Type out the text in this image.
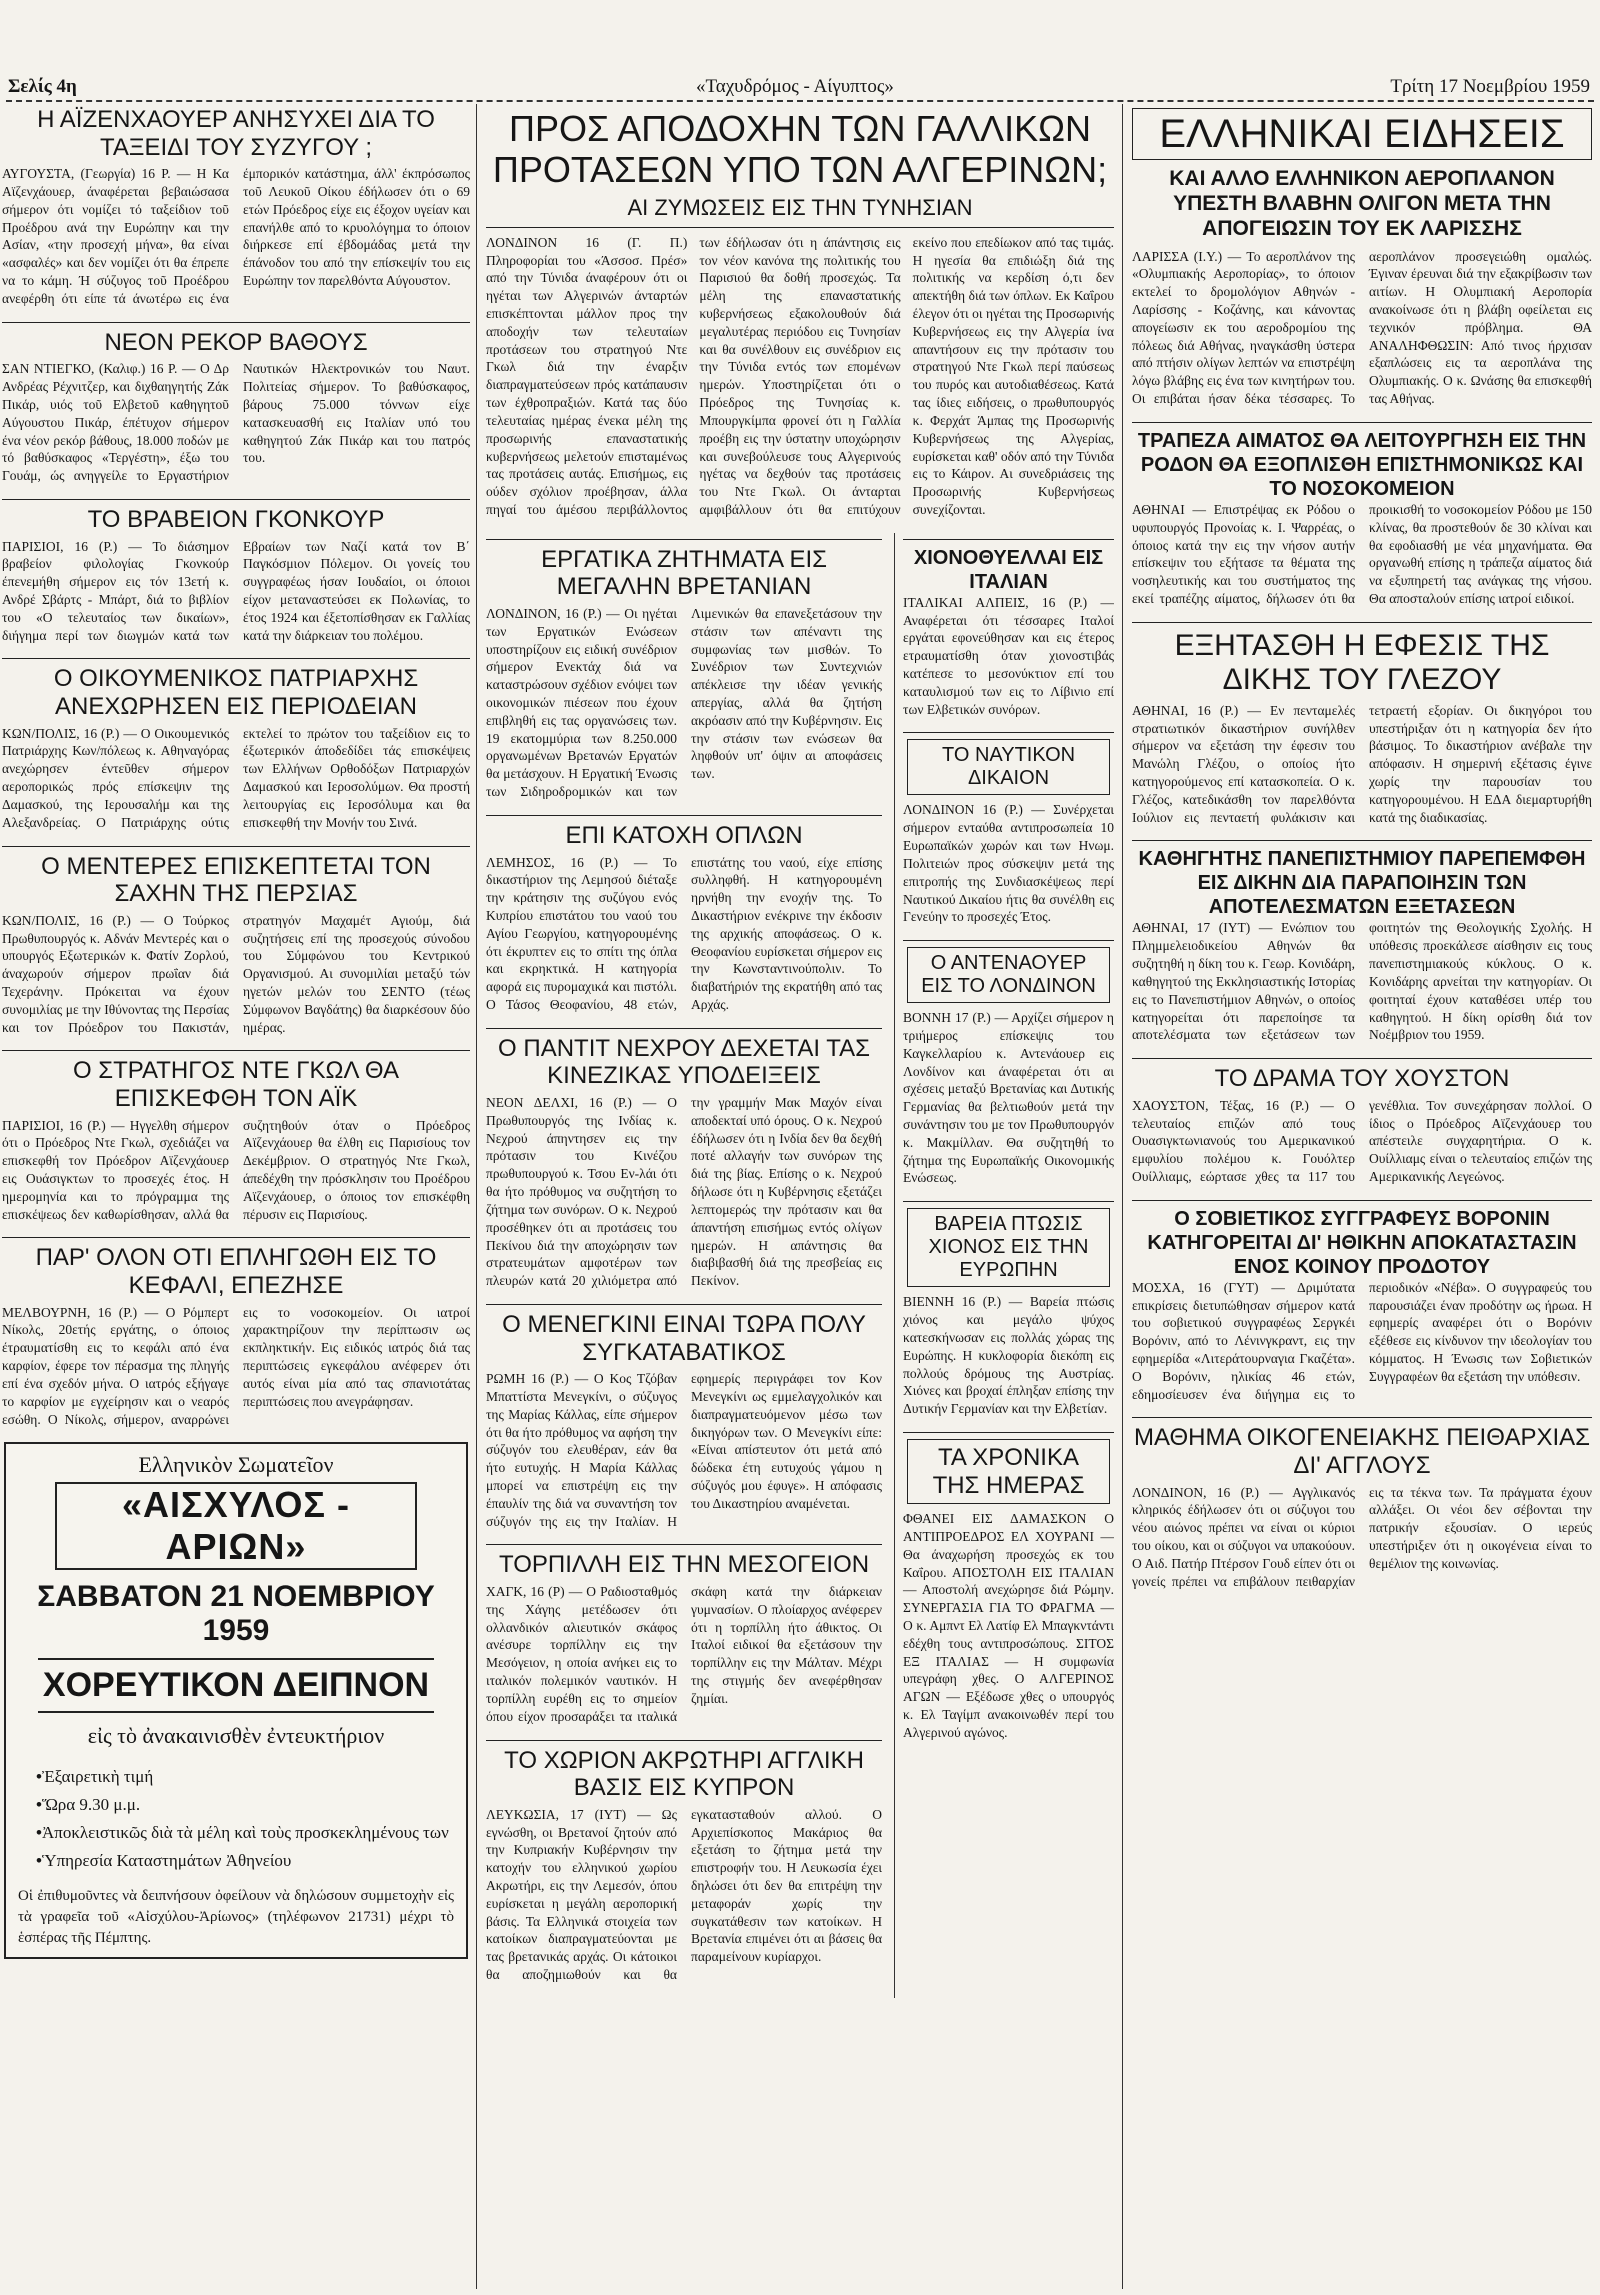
Σελίς 4η	«Ταχυδρόμος - Αίγυπτος»	Τρίτη 17 Νοεμβρίου 1959
Η ΑΪΖΕΝΧΑΟΥΕΡ ΑΝΗΣΥΧΕΙ ΔΙΑ ΤΟ ΤΑΞΕΙΔΙ ΤΟΥ ΣΥΖΥΓΟΥ ;
ΑΥΓΟΥΣΤΑ, (Γεωργία) 16 Ρ. — Η Κα Αϊζενχάουερ, άναφέρεται βεβαιώσασα σήμερον ότι νομίζει τό ταξείδιον τοῦ Προέδρου ανά την Ευρώπην και την Ασίαν, «την προσεχή μήνα», θα είναι «ασφαλές» και δεν νομίζει ότι θα έπρεπε να το κάμη. Ή σύζυγος τοῦ Προέδρου ανεφέρθη ότι είπε τά άνωτέρω εις ένα έμπορικόν κατάστημα, άλλ' έκπρόσωπος τοῦ Λευκοῦ Οίκου έδήλωσεν ότι ο 69 ετών Πρόεδρος είχε εις έξοχον υγείαν και επανήλθε από το κρυολόγημα το όποιον διήρκεσε επί έβδομάδας μετά την έπάνοδον του από την επίσκεψίν του εις Ευρώπην τον παρελθόντα Αύγουστον.
ΝΕΟΝ ΡΕΚΟΡ ΒΑΘΟΥΣ
ΣΑΝ ΝΤΙΕΓΚΟ, (Καλιφ.) 16 Ρ. — Ο Δρ Ανδρέας Ρέχνιτζερ, και διχθαηγητής Ζάκ Πικάρ, υιός τοῦ Ελβετοῦ καθηγητοῦ Αύγουστου Πικάρ, έπέτυχον σήμερον ένα νέον ρεκόρ βάθους, 18.000 ποδών με τό βαθύσκαφος «Τεργέστη», έξω του Γουάμ, ώς ανηγγείλε το Εργαστήριον Ναυτικών Ηλεκτρονικών του Ναυτ. Πολιτείας σήμερον. Το βαθύσκαφος, βάρους 75.000 τόννων είχε κατασκευασθή εις Ιταλίαν υπό του καθηγητού Ζάκ Πικάρ και του πατρός του.
ΤΟ ΒΡΑΒΕΙΟΝ ΓΚΟΝΚΟΥΡ
ΠΑΡΙΣΙΟΙ, 16 (Ρ.) — Το διάσημον βραβείον φιλολογίας Γκονκούρ έπενεμήθη σήμερον εις τόν 13ετή κ. Ανδρέ Σβάρτς - Μπάρτ, διά το βιβλίον του «Ο τελευταίος των δικαίων», διήγημα περί των διωγμών κατά των Εβραίων των Ναζί κατά τον Β΄ Παγκόσμιον Πόλεμον. Οι γονείς του συγγραφέως ήσαν Ιουδαίοι, οι όποιοι είχον μεταναστεύσει εκ Πολωνίας, το έτος 1924 και έξετοπίσθησαν εκ Γαλλίας κατά την διάρκειαν του πολέμου.
Ο ΟΙΚΟΥΜΕΝΙΚΟΣ ΠΑΤΡΙΑΡΧΗΣ ΑΝΕΧΩΡΗΣΕΝ ΕΙΣ ΠΕΡΙΟΔΕΙΑΝ
ΚΩΝ/ΠΟΛΙΣ, 16 (Ρ.) — Ο Οικουμενικός Πατριάρχης Κων/πόλεως κ. Αθηναγόρας ανεχώρησεν έντεῦθεν σήμερον αεροπορικώς πρός επίσκεψιν της Δαμασκού, της Ιερουσαλήμ και της Αλεξανδρείας. Ο Πατριάρχης ούτις εκτελεί το πρώτον του ταξείδιον εις το έξωτερικόν άποδεδίδει τάς επισκέψεις των Ελλήνων Ορθοδόξων Πατριαρχών Δαμασκού και Ιεροσολύμων. Θα προστή λειτουργίας εις Ιεροσόλυμα και θα επισκεφθή την Μονήν του Σινά.
Ο ΜΕΝΤΕΡΕΣ ΕΠΙΣΚΕΠΤΕΤΑΙ ΤΟΝ ΣΑΧΗΝ ΤΗΣ ΠΕΡΣΙΑΣ
ΚΩΝ/ΠΟΛΙΣ, 16 (Ρ.) — Ο Τούρκος Πρωθυπουργός κ. Αδνάν Μεντερές και ο υπουργός Εξωτερικών κ. Φατίν Ζορλού, άναχωρούν σήμερον πρωΐαν διά Τεχεράνην. Πρόκειται να έχουν συνομιλίας με την Ιθύνοντας της Περσίας και τον Πρόεδρον του Πακιστάν, στρατηγόν Μαχαμέτ Αγιούμ, διά συζητήσεις επί της προσεχούς σύνοδου του Σύμφώνου του Κεντρικού Οργανισμού. Αι συνομιλίαι μεταξύ τών ηγετών μελών του ΣΕΝΤΟ (τέως Σύμφωνον Βαγδάτης) θα διαρκέσουν δύο ημέρας.
Ο ΣΤΡΑΤΗΓΟΣ ΝΤΕ ΓΚΩΛ ΘΑ ΕΠΙΣΚΕΦΘΗ ΤΟΝ ΑΪΚ
ΠΑΡΙΣΙΟΙ, 16 (Ρ.) — Ηγγελθη σήμερον ότι ο Πρόεδρος Ντε Γκωλ, σχεδιάζει να επισκεφθή τον Πρόεδρον Αϊζενχάουερ εις Ουάσιγκτων το προσεχές έτος. Η ημερομηνία και το πρόγραμμα της επισκέψεως δεν καθωρίσθησαν, αλλά θα συζητηθούν όταν ο Πρόεδρος Αϊζενχάουερ θα έλθη εις Παρισίους τον Δεκέμβριον. Ο στρατηγός Ντε Γκωλ, άπεδέχθη την πρόσκλησιν του Προέδρου Αϊζενχάουερ, ο όποιος τον επισκέφθη πέρυσιν εις Παρισίους.
ΠΑΡ' ΟΛΟΝ ΟΤΙ ΕΠΛΗΓΩΘΗ ΕΙΣ ΤΟ ΚΕΦΑΛΙ, ΕΠΕΖΗΣΕ
ΜΕΛΒΟΥΡΝΗ, 16 (Ρ.) — Ο Ρόμπερτ Νίκολς, 20ετής εργάτης, ο όποιος έτραυματίσθη εις το κεφάλι από ένα καρφίον, έφερε τον πέρασμα της πληγής επί ένα σχεδόν μήνα. Ο ιατρός εξήγαγε το καρφίον με εγχείρησιν και ο νεαρός εσώθη. Ο Νίκολς, σήμερον, αναρρώνει εις το νοσοκομείον. Οι ιατροί χαρακτηρίζουν την περίπτωσιν ως εκπληκτικήν. Εις ειδικός ιατρός διά τας περιπτώσεις εγκεφάλου ανέφερεν ότι αυτός είναι μία από τας σπανιοτάτας περιπτώσεις που ανεγράφησαν.
Ελληνικὸν Σωματεῖον
«ΑΙΣΧΥΛΟΣ - ΑΡΙΩΝ»
ΣΑΒΒΑΤΟΝ 21 ΝΟΕΜΒΡΙΟΥ 1959
ΧΟΡΕΥΤΙΚΟΝ ΔΕΙΠΝΟΝ
εἰς τὸ ἀνακαινισθὲν ἐντευκτήριον
• Ἐξαιρετικὴ τιμή
• Ὥρα 9.30 μ.μ.
• Ἀποκλειστικῶς διὰ τὰ μέλη καὶ τοὺς προσκεκλημένους των
• Ὑπηρεσία Καταστημάτων Ἀθηνείου
Οἱ ἐπιθυμοῦντες νὰ δειπνήσουν ὀφείλουν νὰ δηλώσουν συμμετοχὴν εἰς τὰ γραφεῖα τοῦ «Αἰσχύλου-Ἀρίωνος» (τηλέφωνον 21731) μέχρι τὸ ἑσπέρας τῆς Πέμπτης.
ΠΡΟΣ ΑΠΟΔΟΧΗΝ ΤΩΝ ΓΑΛΛΙΚΩΝ ΠΡΟΤΑΣΕΩΝ ΥΠΟ ΤΩΝ ΑΛΓΕΡΙΝΩΝ;
ΑΙ ΖΥΜΩΣΕΙΣ ΕΙΣ ΤΗΝ ΤΥΝΗΣΙΑΝ
ΛΟΝΔΙΝΟΝ 16 (Γ. Π.) Πληροφορίαι του «Άσσοσ. Πρέσ» από την Τύνιδα άναφέρουν ότι οι ηγέται των Αλγερινών άνταρτών επισκέπτονται μάλλον προς την αποδοχήν των τελευταίων προτάσεων του στρατηγού Ντε Γκωλ διά την έναρξιν διαπραγματεύσεων πρός κατάπαυσιν των έχθροπραξιών. Κατά τας δύο τελευταίας ημέρας ένεκα μέλη της προσωρινής επαναστατικής κυβερνήσεως μελετούν επισταμένως τας προτάσεις αυτάς. Επισήμως, εις ούδεν σχόλιον προέβησαν, άλλα πηγαί του άμέσου περιβάλλοντος των έδήλωσαν ότι η άπάντησις εις τον νέον κανόνα της πολιτικής του Παρισιού θα δοθή προσεχώς. Τα μέλη της επαναστατικής κυβερνήσεως εξακολουθούν διά μεγαλυτέρας περιόδου εις Τυνησίαν και θα συνέλθουν εις συνέδριον εις την Τύνιδα εντός των επομένων ημερών. Υποστηρίζεται ότι ο Πρόεδρος της Τυνησίας κ. Μπουργκίμπα φρονεί ότι η Γαλλία προέβη εις την ύστατην υποχώρησιν και συνεβούλευσε τους Αλγερινούς ηγέτας να δεχθούν τας προτάσεις του Ντε Γκωλ. Οι άνταρται αμφιβάλλουν ότι θα επιτύχουν εκείνο που επεδίωκον από τας τιμάς. Η ηγεσία θα επιδιώξη διά της πολιτικής να κερδίση ό,τι δεν απεκτήθη διά των όπλων. Εκ Καΐρου έλεγον ότι οι ηγέται της Προσωρινής Κυβερνήσεως εις την Αλγερία ίνα απαντήσουν εις την πρότασιν του στρατηγού Ντε Γκωλ περί παύσεως του πυρός και αυτοδιαθέσεως. Κατά τας ίδιες ειδήσεις, ο πρωθυπουργός κ. Φερχάτ Άμπας της Προσωρινής Κυβερνήσεως της Αλγερίας, ευρίσκεται καθ' οδόν από την Τύνιδα εις το Κάιρον. Αι συνεδριάσεις της Προσωρινής Κυβερνήσεως συνεχίζονται.
ΕΡΓΑΤΙΚΑ ΖΗΤΗΜΑΤΑ ΕΙΣ ΜΕΓΑΛΗΝ ΒΡΕΤΑΝΙΑΝ
ΛΟΝΔΙΝΟΝ, 16 (Ρ.) — Οι ηγέται των Εργατικών Ενώσεων υποστηρίζουν εις ειδική συνέδριον σήμερον Ενεκτάχ διά να καταστρώσουν σχέδιον ενόψει των οικονομικών πιέσεων που έχουν επιβληθή εις τας οργανώσεις των. 19 εκατομμύρια των 8.250.000 οργανωμένων Βρετανών Εργατών θα μετάσχουν. Η Εργατική Ένωσις των Σιδηροδρομικών και των Λιμενικών θα επανεξετάσουν την στάσιν των απέναντι της συμφωνίας των μισθών. Το Συνέδριον των Συντεχνιών απέκλεισε την ιδέαν γενικής απεργίας, αλλά θα ζητήση ακρόασιν από την Κυβέρνησιν. Εις την στάσιν των ενώσεων θα ληφθούν υπ' όψιν αι αποφάσεις των.
ΕΠΙ ΚΑΤΟΧΗ ΟΠΛΩΝ
ΛΕΜΗΣΟΣ, 16 (Ρ.) — Το δικαστήριον της Λεμησού διέταξε την κράτησιν της συζύγου ενός Κυπρίου επιστάτου του ναού του Αγίου Γεωργίου, κατηγορουμένης ότι έκρυπτεν εις το σπίτι της όπλα και εκρηκτικά. Η κατηγορία αφορά εις πυρομαχικά και πιστόλι. Ο Τάσος Θεοφανίου, 48 ετών, επιστάτης του ναού, είχε επίσης συλληφθή. Η κατηγορουμένη ηρνήθη την ενοχήν της. Το Δικαστήριον ενέκρινε την έκδοσιν της αρχικής αποφάσεως. Ο κ. Θεοφανίου ευρίσκεται σήμερον εις την Κωνσταντινούπολιν. Το διαβατήριόν της εκρατήθη από τας Αρχάς.
Ο ΠΑΝΤΙΤ ΝΕΧΡΟΥ ΔΕΧΕΤΑΙ ΤΑΣ ΚΙΝΕΖΙΚΑΣ ΥΠΟΔΕΙΞΕΙΣ
ΝΕΟΝ ΔΕΛΧΙ, 16 (Ρ.) — Ο Πρωθυπουργός της Ινδίας κ. Νεχρού άπηντησεν εις την πρότασιν του Κινέζου πρωθυπουργού κ. Τσου Εν-λάι ότι θα ήτο πρόθυμος να συζητήση το ζήτημα των συνόρων. Ο κ. Νεχρού προσέθηκεν ότι αι προτάσεις του Πεκίνου διά την αποχώρησιν των στρατευμάτων αμφοτέρων των πλευρών κατά 20 χιλιόμετρα από την γραμμήν Μακ Μαχόν είναι αποδεκταί υπό όρους. Ο κ. Νεχρού έδήλωσεν ότι η Ινδία δεν θα δεχθή ποτέ αλλαγήν των συνόρων της διά της βίας. Επίσης ο κ. Νεχρού δήλωσε ότι η Κυβέρνησις εξετάζει λεπτομερώς την πρότασιν και θα άπαντήση επισήμως εντός ολίγων ημερών. Η απάντησις θα διαβιβασθή διά της πρεσβείας εις Πεκίνον.
Ο ΜΕΝΕΓΚΙΝΙ ΕΙΝΑΙ ΤΩΡΑ ΠΟΛΥ ΣΥΓΚΑΤΑΒΑΤΙΚΟΣ
ΡΩΜΗ 16 (Ρ.) — Ο Κος Τζόβαν Μπαττίστα Μενεγκίνι, ο σύζυγος της Μαρίας Κάλλας, είπε σήμερον ότι θα ήτο πρόθυμος να αφήση την σύζυγόν του ελευθέραν, εάν θα ήτο ευτυχής. Η Μαρία Κάλλας μπορεί να επιστρέψη εις την έπαυλίν της διά να συναντήση τον σύζυγόν της εις την Ιταλίαν. Η εφημερίς περιγράφει τον Κον Μενεγκίνι ως εμμελαγχολικόν και διαπραγματευόμενον μέσω των δικηγόρων των. Ο Μενεγκίνι είπε: «Είναι απίστευτον ότι μετά από δώδεκα έτη ευτυχούς γάμου η σύζυγός μου έφυγε». Η απόφασις του Δικαστηρίου αναμένεται.
ΤΟΡΠΙΛΛΗ ΕΙΣ ΤΗΝ ΜΕΣΟΓΕΙΟΝ
ΧΑΓΚ, 16 (Ρ) — Ο Ραδιοσταθμός της Χάγης μετέδωσεν ότι ολλανδικόν αλιευτικόν σκάφος ανέσυρε τορπίλλην εις την Μεσόγειον, η οποία ανήκει εις το ιταλικόν πολεμικόν ναυτικόν. Η τορπίλλη ευρέθη εις το σημείον όπου είχον προσαράξει τα ιταλικά σκάφη κατά την διάρκειαν γυμνασίων. Ο πλοίαρχος ανέφερεν ότι η τορπίλλη ήτο άθικτος. Οι Ιταλοί ειδικοί θα εξετάσουν την τορπίλλην εις την Μάλταν. Μέχρι της στιγμής δεν ανεφέρθησαν ζημίαι.
ΤΟ ΧΩΡΙΟΝ ΑΚΡΩΤΗΡΙ ΑΓΓΛΙΚΗ ΒΑΣΙΣ ΕΙΣ ΚΥΠΡΟΝ
ΛΕΥΚΩΣΙΑ, 17 (ΙΥΤ) — Ως εγνώσθη, οι Βρετανοί ζητούν από την Κυπριακήν Κυβέρνησιν την κατοχήν του ελληνικού χωρίου Ακρωτήρι, εις την Λεμεσόν, όπου ευρίσκεται η μεγάλη αεροπορική βάσις. Τα Ελληνικά στοιχεία των κατοίκων διαπραγματεύονται με τας βρετανικάς αρχάς. Οι κάτοικοι θα αποζημιωθούν και θα εγκατασταθούν αλλού. Ο Αρχιεπίσκοπος Μακάριος θα εξετάση το ζήτημα μετά την επιστροφήν του. Η Λευκωσία έχει δηλώσει ότι δεν θα επιτρέψη την μεταφοράν χωρίς την συγκατάθεσιν των κατοίκων. Η Βρετανία επιμένει ότι αι βάσεις θα παραμείνουν κυρίαρχοι.
ΧΙΟΝΟΘΥΕΛΛΑΙ ΕΙΣ ΙΤΑΛΙΑΝ
ΙΤΑΛΙΚΑΙ ΑΛΠΕΙΣ, 16 (Ρ.) — Αναφέρεται ότι τέσσαρες Ιταλοί εργάται εφονεύθησαν και εις έτερος ετραυματίσθη όταν χιονοστιβάς κατέπεσε το μεσονύκτιον επί του καταυλισμού των εις το Λίβινιο επί των Ελβετικών συνόρων.
ΤΟ ΝΑΥΤΙΚΟΝ ΔΙΚΑΙΟΝ
ΛΟΝΔΙΝΟΝ 16 (Ρ.) — Συνέρχεται σήμερον ενταύθα αντιπροσωπεία 10 Ευρωπαϊκών χωρών και των Ηνωμ. Πολιτειών προς σύσκεψιν μετά της επιτροπής της Συνδιασκέψεως περί Ναυτικού Δικαίου ήτις θα συνέλθη εις Γενεύην το προσεχές Έτος.
Ο ΑΝΤΕΝΑΟΥΕΡ ΕΙΣ ΤΟ ΛΟΝΔΙΝΟΝ
ΒΟΝΝΗ 17 (Ρ.) — Αρχίζει σήμερον η τριήμερος επίσκεψις του Καγκελλαρίου κ. Αντενάουερ εις Λονδίνον και άναφέρεται ότι αι σχέσεις μεταξύ Βρετανίας και Δυτικής Γερμανίας θα βελτιωθούν μετά την συνάντησιν του με τον Πρωθυπουργόν κ. Μακμίλλαν. Θα συζητηθή το ζήτημα της Ευρωπαϊκής Οικονομικής Ενώσεως.
ΒΑΡΕΙΑ ΠΤΩΣΙΣ ΧΙΟΝΟΣ ΕΙΣ ΤΗΝ ΕΥΡΩΠΗΝ
ΒΙΕΝΝΗ 16 (Ρ.) — Βαρεία πτώσις χιόνος και μεγάλο ψύχος κατεσκήνωσαν εις πολλάς χώρας της Ευρώπης. Η κυκλοφορία διεκόπη εις πολλούς δρόμους της Αυστρίας. Χιόνες και βροχαί έπληξαν επίσης την Δυτικήν Γερμανίαν και την Ελβετίαν.
ΤΑ ΧΡΟΝΙΚΑ ΤΗΣ ΗΜΕΡΑΣ
ΦΘΑΝΕΙ ΕΙΣ ΔΑΜΑΣΚΟΝ Ο ΑΝΤΙΠΡΟΕΔΡΟΣ ΕΛ ΧΟΥΡΑΝΙ — Θα άναχωρήση προσεχώς εκ του Καΐρου. ΑΠΟΣΤΟΛΗ ΕΙΣ ΙΤΑΛΙΑΝ — Αποστολή ανεχώρησε διά Ρώμην. ΣΥΝΕΡΓΑΣΙΑ ΓΙΑ ΤΟ ΦΡΑΓΜΑ — Ο κ. Αμπντ Ελ Λατίφ Ελ Μπαγκντάντι εδέχθη τους αντιπροσώπους. ΣΙΤΟΣ ΕΞ ΙΤΑΛΙΑΣ — Η συμφωνία υπεγράφη χθες. Ο ΑΛΓΕΡΙΝΟΣ ΑΓΩΝ — Εξέδωσε χθες ο υπουργός κ. Ελ Ταγίμπ ανακοινωθέν περί του Αλγερινού αγώνος.
ΕΛΛΗΝΙΚΑΙ ΕΙΔΗΣΕΙΣ
ΚΑΙ ΑΛΛΟ ΕΛΛΗΝΙΚΟΝ ΑΕΡΟΠΛΑΝΟΝ ΥΠΕΣΤΗ ΒΛΑΒΗΝ ΟΛΙΓΟΝ ΜΕΤΑ ΤΗΝ ΑΠΟΓΕΙΩΣΙΝ ΤΟΥ ΕΚ ΛΑΡΙΣΣΗΣ
ΛΑΡΙΣΣΑ (Ι.Υ.) — Το αεροπλάνον της «Ολυμπιακής Αεροπορίας», το όποιον εκτελεί το δρομολόγιον Αθηνών - Λαρίσσης - Κοζάνης, και κάνοντας απογείωσιν εκ του αεροδρομίου της πόλεως διά Αθήνας, ηναγκάσθη ύστερα από πτήσιν ολίγων λεπτών να επιστρέψη λόγω βλάβης εις ένα των κινητήρων του. Οι επιβάται ήσαν δέκα τέσσαρες. Το αεροπλάνον προσεγειώθη ομαλώς. Έγιναν έρευναι διά την εξακρίβωσιν των αιτίων. Η Ολυμπιακή Αεροπορία ανακοίνωσε ότι η βλάβη οφείλεται εις τεχνικόν πρόβλημα. ΘΑ ΑΝΑΛΗΦΘΩΣΙΝ: Από τινος ήρχισαν εξαπλώσεις εις τα αεροπλάνα της Ολυμπιακής. Ο κ. Ωνάσης θα επισκεφθή τας Αθήνας.
ΤΡΑΠΕΖΑ ΑΙΜΑΤΟΣ ΘΑ ΛΕΙΤΟΥΡΓΗΣΗ ΕΙΣ ΤΗΝ ΡΟΔΟΝ ΘΑ ΕΞΟΠΛΙΣΘΗ ΕΠΙΣΤΗΜΟΝΙΚΩΣ ΚΑΙ ΤΟ ΝΟΣΟΚΟΜΕΙΟΝ
ΑΘΗΝΑΙ — Επιστρέψας εκ Ρόδου ο υφυπουργός Προνοίας κ. Ι. Ψαρρέας, ο όποιος κατά την εις την νήσον αυτήν επίσκεψιν του εξήτασε τα θέματα της νοσηλευτικής και του συστήματος της εκεί τραπέζης αίματος, δήλωσεν ότι θα προικισθή το νοσοκομείον Ρόδου με 150 κλίνας, θα προστεθούν δε 30 κλίναι και θα εφοδιασθή με νέα μηχανήματα. Θα οργανωθή επίσης η τράπεζα αίματος διά να εξυπηρετή τας ανάγκας της νήσου. Θα αποσταλούν επίσης ιατροί ειδικοί.
ΕΞΗΤΑΣΘΗ Η ΕΦΕΣΙΣ ΤΗΣ ΔΙΚΗΣ ΤΟΥ ΓΛΕΖΟΥ
ΑΘΗΝΑΙ, 16 (Ρ.) — Εν πενταμελές στρατιωτικόν δικαστήριον συνήλθεν σήμερον να εξετάση την έφεσιν του Μανώλη Γλέζου, ο οποίος ήτο κατηγορούμενος επί κατασκοπεία. Ο κ. Γλέζος, κατεδικάσθη τον παρελθόντα Ιούλιον εις πενταετή φυλάκισιν και τετραετή εξορίαν. Οι δικηγόροι του υπεστήριξαν ότι η κατηγορία δεν ήτο βάσιμος. Το δικαστήριον ανέβαλε την απόφασιν. Η σημερινή εξέτασις έγινε χωρίς την παρουσίαν του κατηγορουμένου. Η ΕΔΑ διεμαρτυρήθη κατά της διαδικασίας.
ΚΑΘΗΓΗΤΗΣ ΠΑΝΕΠΙΣΤΗΜΙΟΥ ΠΑΡΕΠΕΜΦΘΗ ΕΙΣ ΔΙΚΗΝ ΔΙΑ ΠΑΡΑΠΟΙΗΣΙΝ ΤΩΝ ΑΠΟΤΕΛΕΣΜΑΤΩΝ ΕΞΕΤΑΣΕΩΝ
ΑΘΗΝΑΙ, 17 (ΙΥΤ) — Ενώπιον του Πλημμελειοδικείου Αθηνών θα συζητηθή η δίκη του κ. Γεωρ. Κονιδάρη, καθηγητού της Εκκλησιαστικής Ιστορίας εις το Πανεπιστήμιον Αθηνών, ο οποίος κατηγορείται ότι παρεποίησε τα αποτελέσματα των εξετάσεων των φοιτητών της Θεολογικής Σχολής. Η υπόθεσις προεκάλεσε αίσθησιν εις τους πανεπιστημιακούς κύκλους. Ο κ. Κονιδάρης αρνείται την κατηγορίαν. Οι φοιτηταί έχουν καταθέσει υπέρ του καθηγητού. Η δίκη ορίσθη διά τον Νοέμβριον του 1959.
ΤΟ ΔΡΑΜΑ ΤΟΥ ΧΟΥΣΤΟΝ
ΧΑΟΥΣΤΟΝ, Τέξας, 16 (Ρ.) — Ο τελευταίος επιζών από τους Ουασιγκτωνιανούς του Αμερικανικού εμφυλίου πολέμου κ. Γουόλτερ Ουίλλιαμς, εώρτασε χθες τα 117 του γενέθλια. Τον συνεχάρησαν πολλοί. Ο ίδιος ο Πρόεδρος Αϊζενχάουερ του απέστειλε συγχαρητήρια. Ο κ. Ουίλλιαμς είναι ο τελευταίος επιζών της Αμερικανικής Λεγεώνος.
Ο ΣΟΒΙΕΤΙΚΟΣ ΣΥΓΓΡΑΦΕΥΣ ΒΟΡΟΝΙΝ ΚΑΤΗΓΟΡΕΙΤΑΙ ΔΙ' ΗΘΙΚΗΝ ΑΠΟΚΑΤΑΣΤΑΣΙΝ ΕΝΟΣ ΚΟΙΝΟΥ ΠΡΟΔΟΤΟΥ
ΜΟΣΧΑ, 16 (ΓΥΤ) — Δριμύτατα επικρίσεις διετυπώθησαν σήμερον κατά του σοβιετικού συγγραφέως Σεργκέι Βορόνιν, από το Λένινγκραντ, εις την εφημερίδα «Λιτεράτουρναγια Γκαζέτα». Ο Βορόνιν, ηλικίας 46 ετών, εδημοσίευσεν ένα διήγημα εις το περιοδικόν «Νέβα». Ο συγγραφεύς του παρουσιάζει έναν προδότην ως ήρωα. Η εφημερίς αναφέρει ότι ο Βορόνιν εξέθεσε εις κίνδυνον την ιδεολογίαν του κόμματος. Η Ένωσις των Σοβιετικών Συγγραφέων θα εξετάση την υπόθεσιν.
ΜΑΘΗΜΑ ΟΙΚΟΓΕΝΕΙΑΚΗΣ ΠΕΙΘΑΡΧΙΑΣ ΔΙ' ΑΓΓΛΟΥΣ
ΛΟΝΔΙΝΟΝ, 16 (Ρ.) — Αγγλικανός κληρικός έδήλωσεν ότι οι σύζυγοι του νέου αιώνος πρέπει να είναι οι κύριοι του οίκου, και οι σύζυγοι να υπακούουν. Ο Αιδ. Πατήρ Πτέρσον Γουδ είπεν ότι οι γονείς πρέπει να επιβάλουν πειθαρχίαν εις τα τέκνα των. Τα πράγματα έχουν αλλάξει. Οι νέοι δεν σέβονται την πατρικήν εξουσίαν. Ο ιερεύς υπεστήριξεν ότι η οικογένεια είναι το θεμέλιον της κοινωνίας.
